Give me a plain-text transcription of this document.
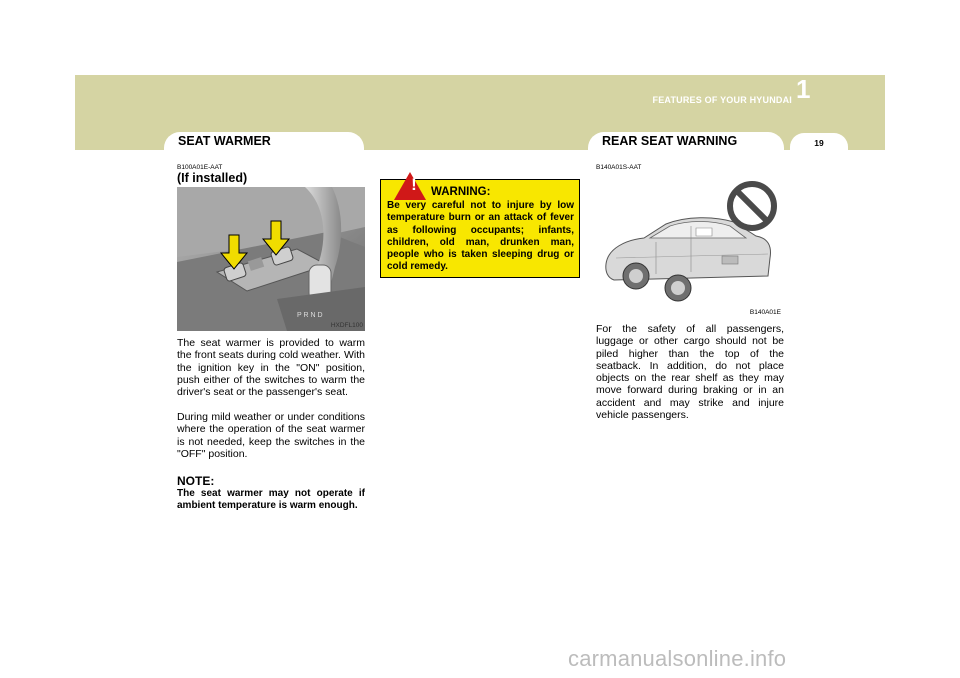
FEATURES OF YOUR HYUNDAI 1
SEAT WARMER	REAR SEAT WARNING	19
B100A01E-AAT
(If installed)
P R N D
HXDFL100
The seat warmer is provided to warm the front seats during cold weather. With the ignition key in the "ON" position, push either of the switches to warm the driver's seat or the passenger's seat.
During mild weather or under conditions where the operation of the seat warmer is not needed, keep the switches in the "OFF" position.
NOTE:
The seat warmer may not operate if ambient temperature is warm enough.
!	WARNING:
Be very careful not to injure by low temperature burn or an attack of fever as following occupants; infants, children, old man, drunken man, people who is taken sleeping drug or cold remedy.
B140A01S-AAT
B140A01E
For the safety of all passengers, luggage or other cargo should not be piled higher than the top of the seatback. In addition, do not place objects on the rear shelf as they may move forward during braking or in an accident and may strike and injure vehicle passengers.
carmanualsonline.info
